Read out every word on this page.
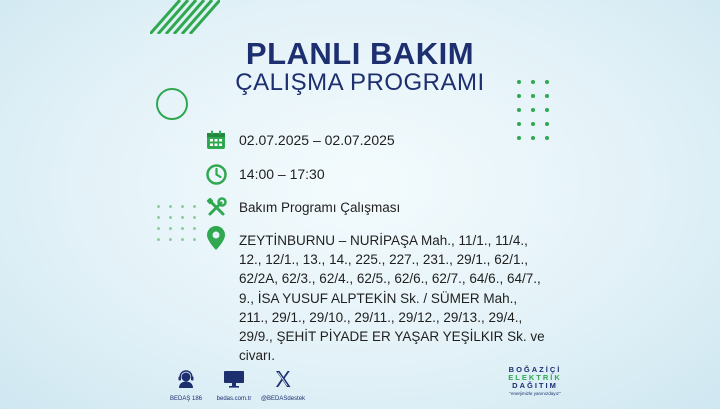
PLANLI BAKIM
ÇALIŞMA PROGRAMI
02.07.2025 – 02.07.2025
14:00 – 17:30
Bakım Programı Çalışması
ZEYTİNBURNU – NURİPAŞA Mah., 11/1., 11/4., 12., 12/1., 13., 14., 225., 227., 231., 29/1., 62/1., 62/2A, 62/3., 62/4., 62/5., 62/6., 62/7., 64/6., 64/7., 9., İSA YUSUF ALPTEKİN Sk. / SÜMER Mah., 211., 29/1., 29/10., 29/11., 29/12., 29/13., 29/4., 29/9., ŞEHİT PİYADE ER YAŞAR YEŞİLKIR Sk. ve civarı.
BEDAŞ 186 bedas.com.tr @BEDASdestek
BOĞAZİÇİ
ELEKTRİK
DAĞITIM
"enerjimizle yanınızdayız"
